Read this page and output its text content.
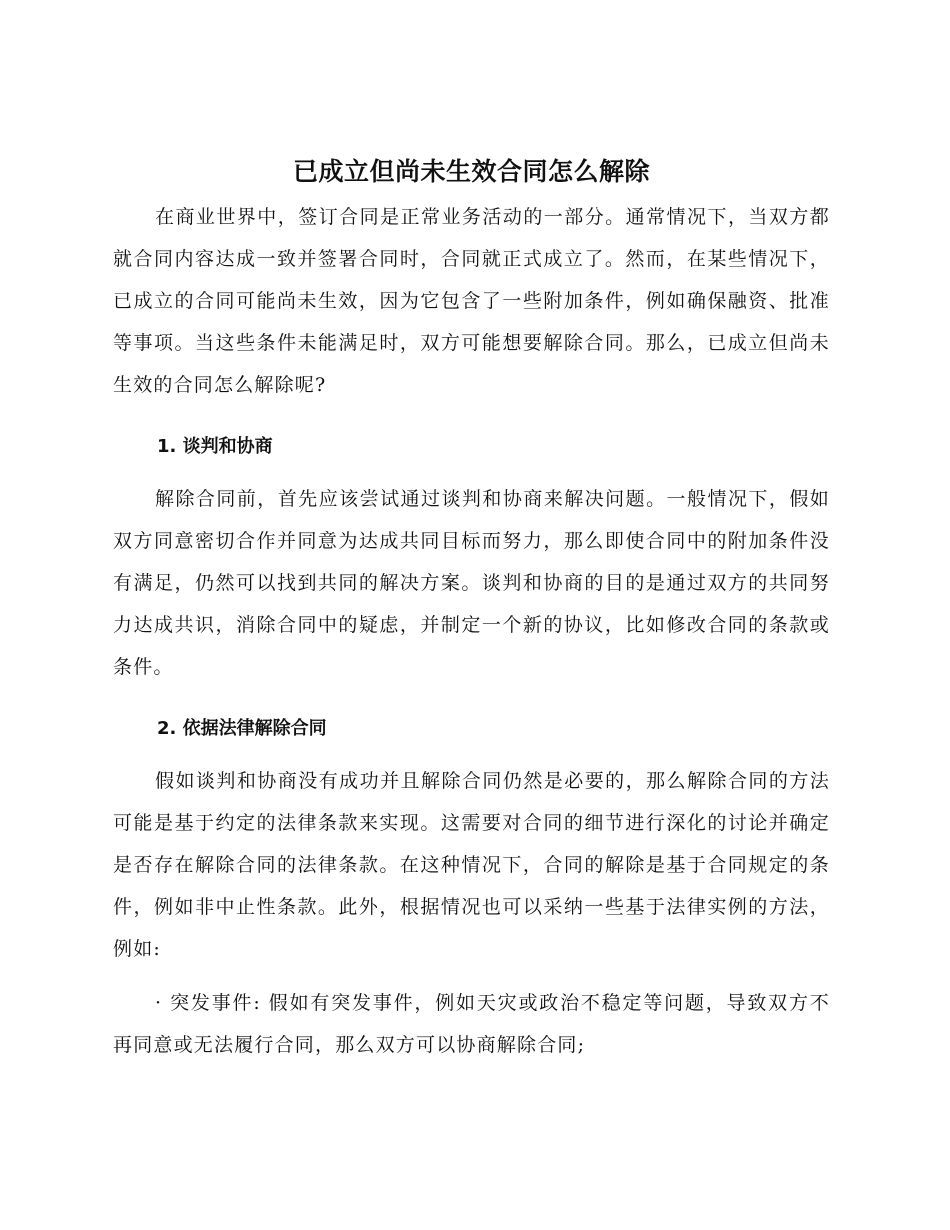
已成立但尚未生效合同怎么解除

在商业世界中，签订合同是正常业务活动的一部分。通常情况下，当双方都就合同内容达成一致并签署合同时，合同就正式成立了。然而，在某些情况下，已成立的合同可能尚未生效，因为它包含了一些附加条件，例如确保融资、批准等事项。当这些条件未能满足时，双方可能想要解除合同。那么，已成立但尚未生效的合同怎么解除呢?

1. 谈判和协商

解除合同前，首先应该尝试通过谈判和协商来解决问题。一般情况下，假如双方同意密切合作并同意为达成共同目标而努力，那么即使合同中的附加条件没有满足，仍然可以找到共同的解决方案。谈判和协商的目的是通过双方的共同努力达成共识，消除合同中的疑虑，并制定一个新的协议，比如修改合同的条款或条件。

2. 依据法律解除合同

假如谈判和协商没有成功并且解除合同仍然是必要的，那么解除合同的方法可能是基于约定的法律条款来实现。这需要对合同的细节进行深化的讨论并确定是否存在解除合同的法律条款。在这种情况下，合同的解除是基于合同规定的条件，例如非中止性条款。此外，根据情况也可以采纳一些基于法律实例的方法，例如:

· 突发事件: 假如有突发事件，例如天灾或政治不稳定等问题，导致双方不再同意或无法履行合同，那么双方可以协商解除合同;
